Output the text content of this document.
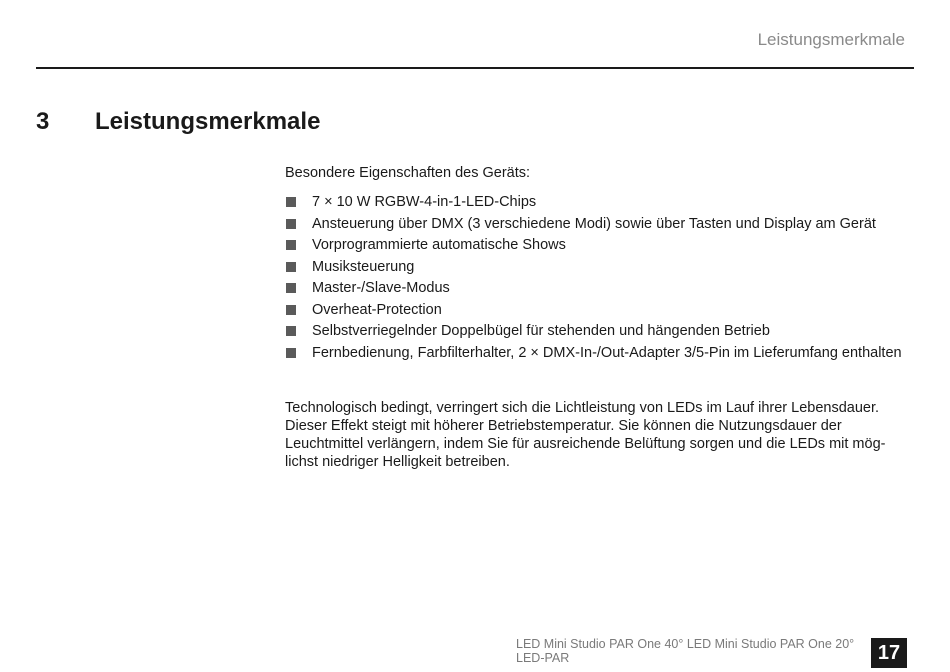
Leistungsmerkmale
3 Leistungsmerkmale

Besondere Eigenschaften des Geräts:

7 × 10 W RGBW-4-in-1-LED-Chips
Ansteuerung über DMX (3 verschiedene Modi) sowie über Tasten und Display am Gerät
Vorprogrammierte automatische Shows
Musiksteuerung
Master-/Slave-Modus
Overheat-Protection
Selbstverriegelnder Doppelbügel für stehenden und hängenden Betrieb
Fernbedienung, Farbfilterhalter, 2 × DMX-In-/Out-Adapter 3/5-Pin im Lieferumfang enthalten

Technologisch bedingt, verringert sich die Lichtleistung von LEDs im Lauf ihrer Lebensdauer. Dieser Effekt steigt mit höherer Betriebstemperatur. Sie können die Nutzungsdauer der Leuchtmittel verlängern, indem Sie für ausreichende Belüftung sorgen und die LEDs mit möglichst niedriger Helligkeit betreiben.

LED Mini Studio PAR One 40° LED Mini Studio PAR One 20°
LED-PAR	17
